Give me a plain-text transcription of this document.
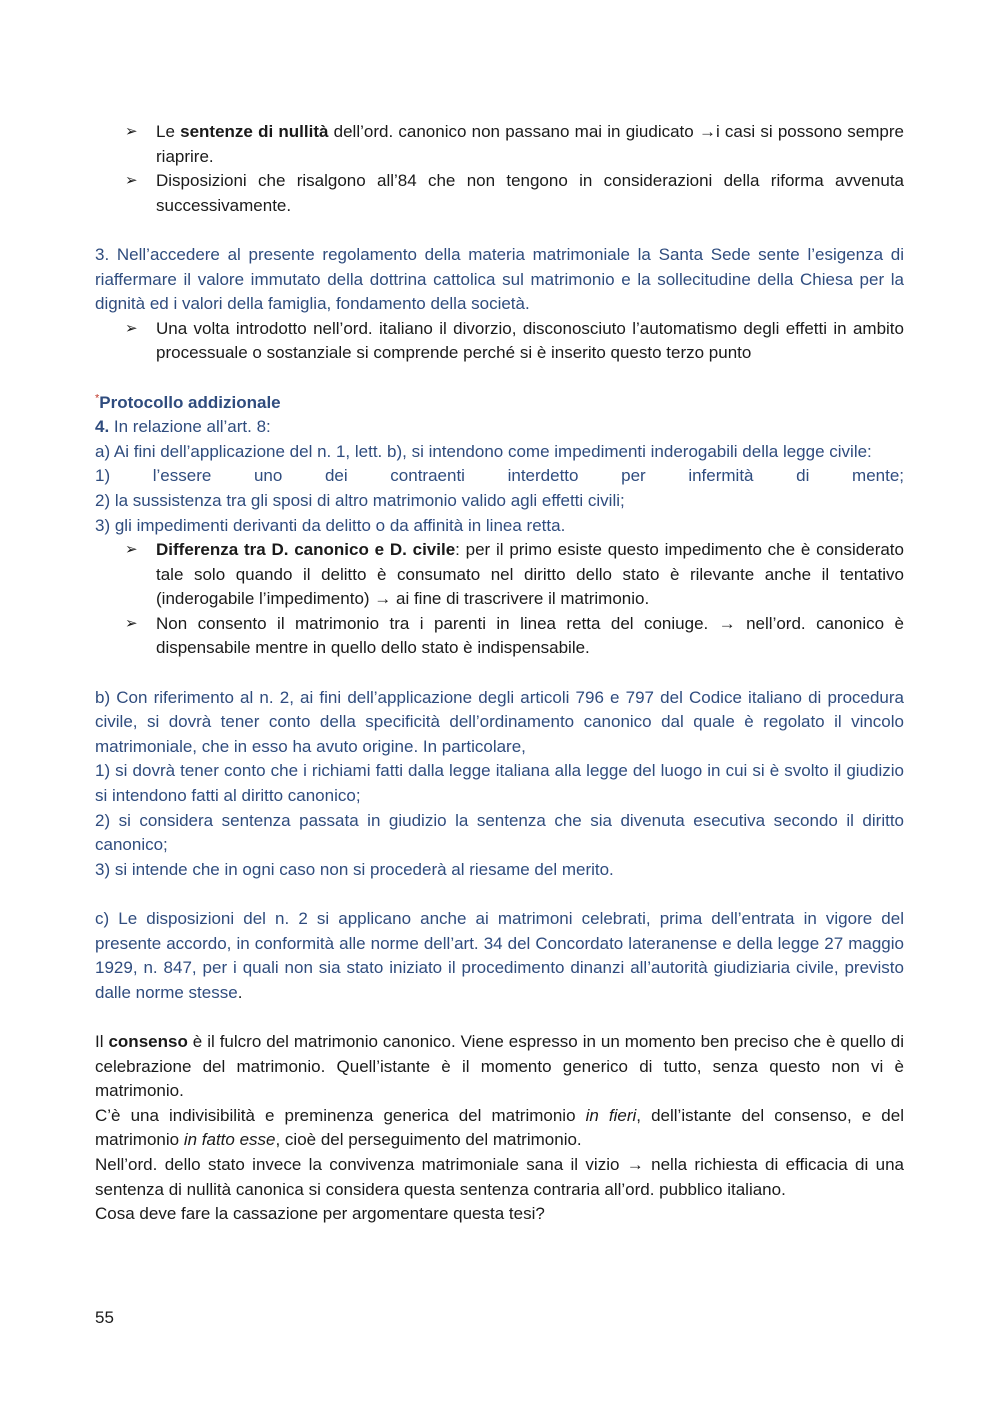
➢ Le sentenze di nullità dell’ord. canonico non passano mai in giudicato →i casi si possono sempre riaprire.

➢ Disposizioni che risalgono all’84 che non tengono in considerazioni della riforma avvenuta successivamente.

3. Nell’accedere al presente regolamento della materia matrimoniale la Santa Sede sente l’esigenza di riaffermare il valore immutato della dottrina cattolica sul matrimonio e la sollecitudine della Chiesa per la dignità ed i valori della famiglia, fondamento della società.

➢ Una volta introdotto nell’ord. italiano il divorzio, disconosciuto l’automatismo degli effetti in ambito processuale o sostanziale si comprende perché si è inserito questo terzo punto

*Protocollo addizionale

4. In relazione all’art. 8:

a) Ai fini dell’applicazione del n. 1, lett. b), si intendono come impedimenti inderogabili della legge civile:

1) l’essere uno dei contraenti interdetto per infermità di mente;

2) la sussistenza tra gli sposi di altro matrimonio valido agli effetti civili;

3) gli impedimenti derivanti da delitto o da affinità in linea retta.

➢ Differenza tra D. canonico e D. civile: per il primo esiste questo impedimento che è considerato tale solo quando il delitto è consumato nel diritto dello stato è rilevante anche il tentativo (inderogabile l’impedimento) → ai fine di trascrivere il matrimonio.

➢ Non consento il matrimonio tra i parenti in linea retta del coniuge. → nell’ord. canonico è dispensabile mentre in quello dello stato è indispensabile.

b) Con riferimento al n. 2, ai fini dell’applicazione degli articoli 796 e 797 del Codice italiano di procedura civile, si dovrà tener conto della specificità dell’ordinamento canonico dal quale è regolato il vincolo matrimoniale, che in esso ha avuto origine. In particolare,

1) si dovrà tener conto che i richiami fatti dalla legge italiana alla legge del luogo in cui si è svolto il giudizio si intendono fatti al diritto canonico;

2) si considera sentenza passata in giudizio la sentenza che sia divenuta esecutiva secondo il diritto canonico;

3) si intende che in ogni caso non si procederà al riesame del merito.

c) Le disposizioni del n. 2 si applicano anche ai matrimoni celebrati, prima dell’entrata in vigore del presente accordo, in conformità alle norme dell’art. 34 del Concordato lateranense e della legge 27 maggio 1929, n. 847, per i quali non sia stato iniziato il procedimento dinanzi all’autorità giudiziaria civile, previsto dalle norme stesse.

Il consenso è il fulcro del matrimonio canonico. Viene espresso in un momento ben preciso che è quello di celebrazione del matrimonio. Quell’istante è il momento generico di tutto, senza questo non vi è matrimonio.

C’è una indivisibilità e preminenza generica del matrimonio in fieri, dell’istante del consenso, e del matrimonio in fatto esse, cioè del perseguimento del matrimonio.

Nell’ord. dello stato invece la convivenza matrimoniale sana il vizio → nella richiesta di efficacia di una sentenza di nullità canonica si considera questa sentenza contraria all’ord. pubblico italiano.

Cosa deve fare la cassazione per argomentare questa tesi?

55
